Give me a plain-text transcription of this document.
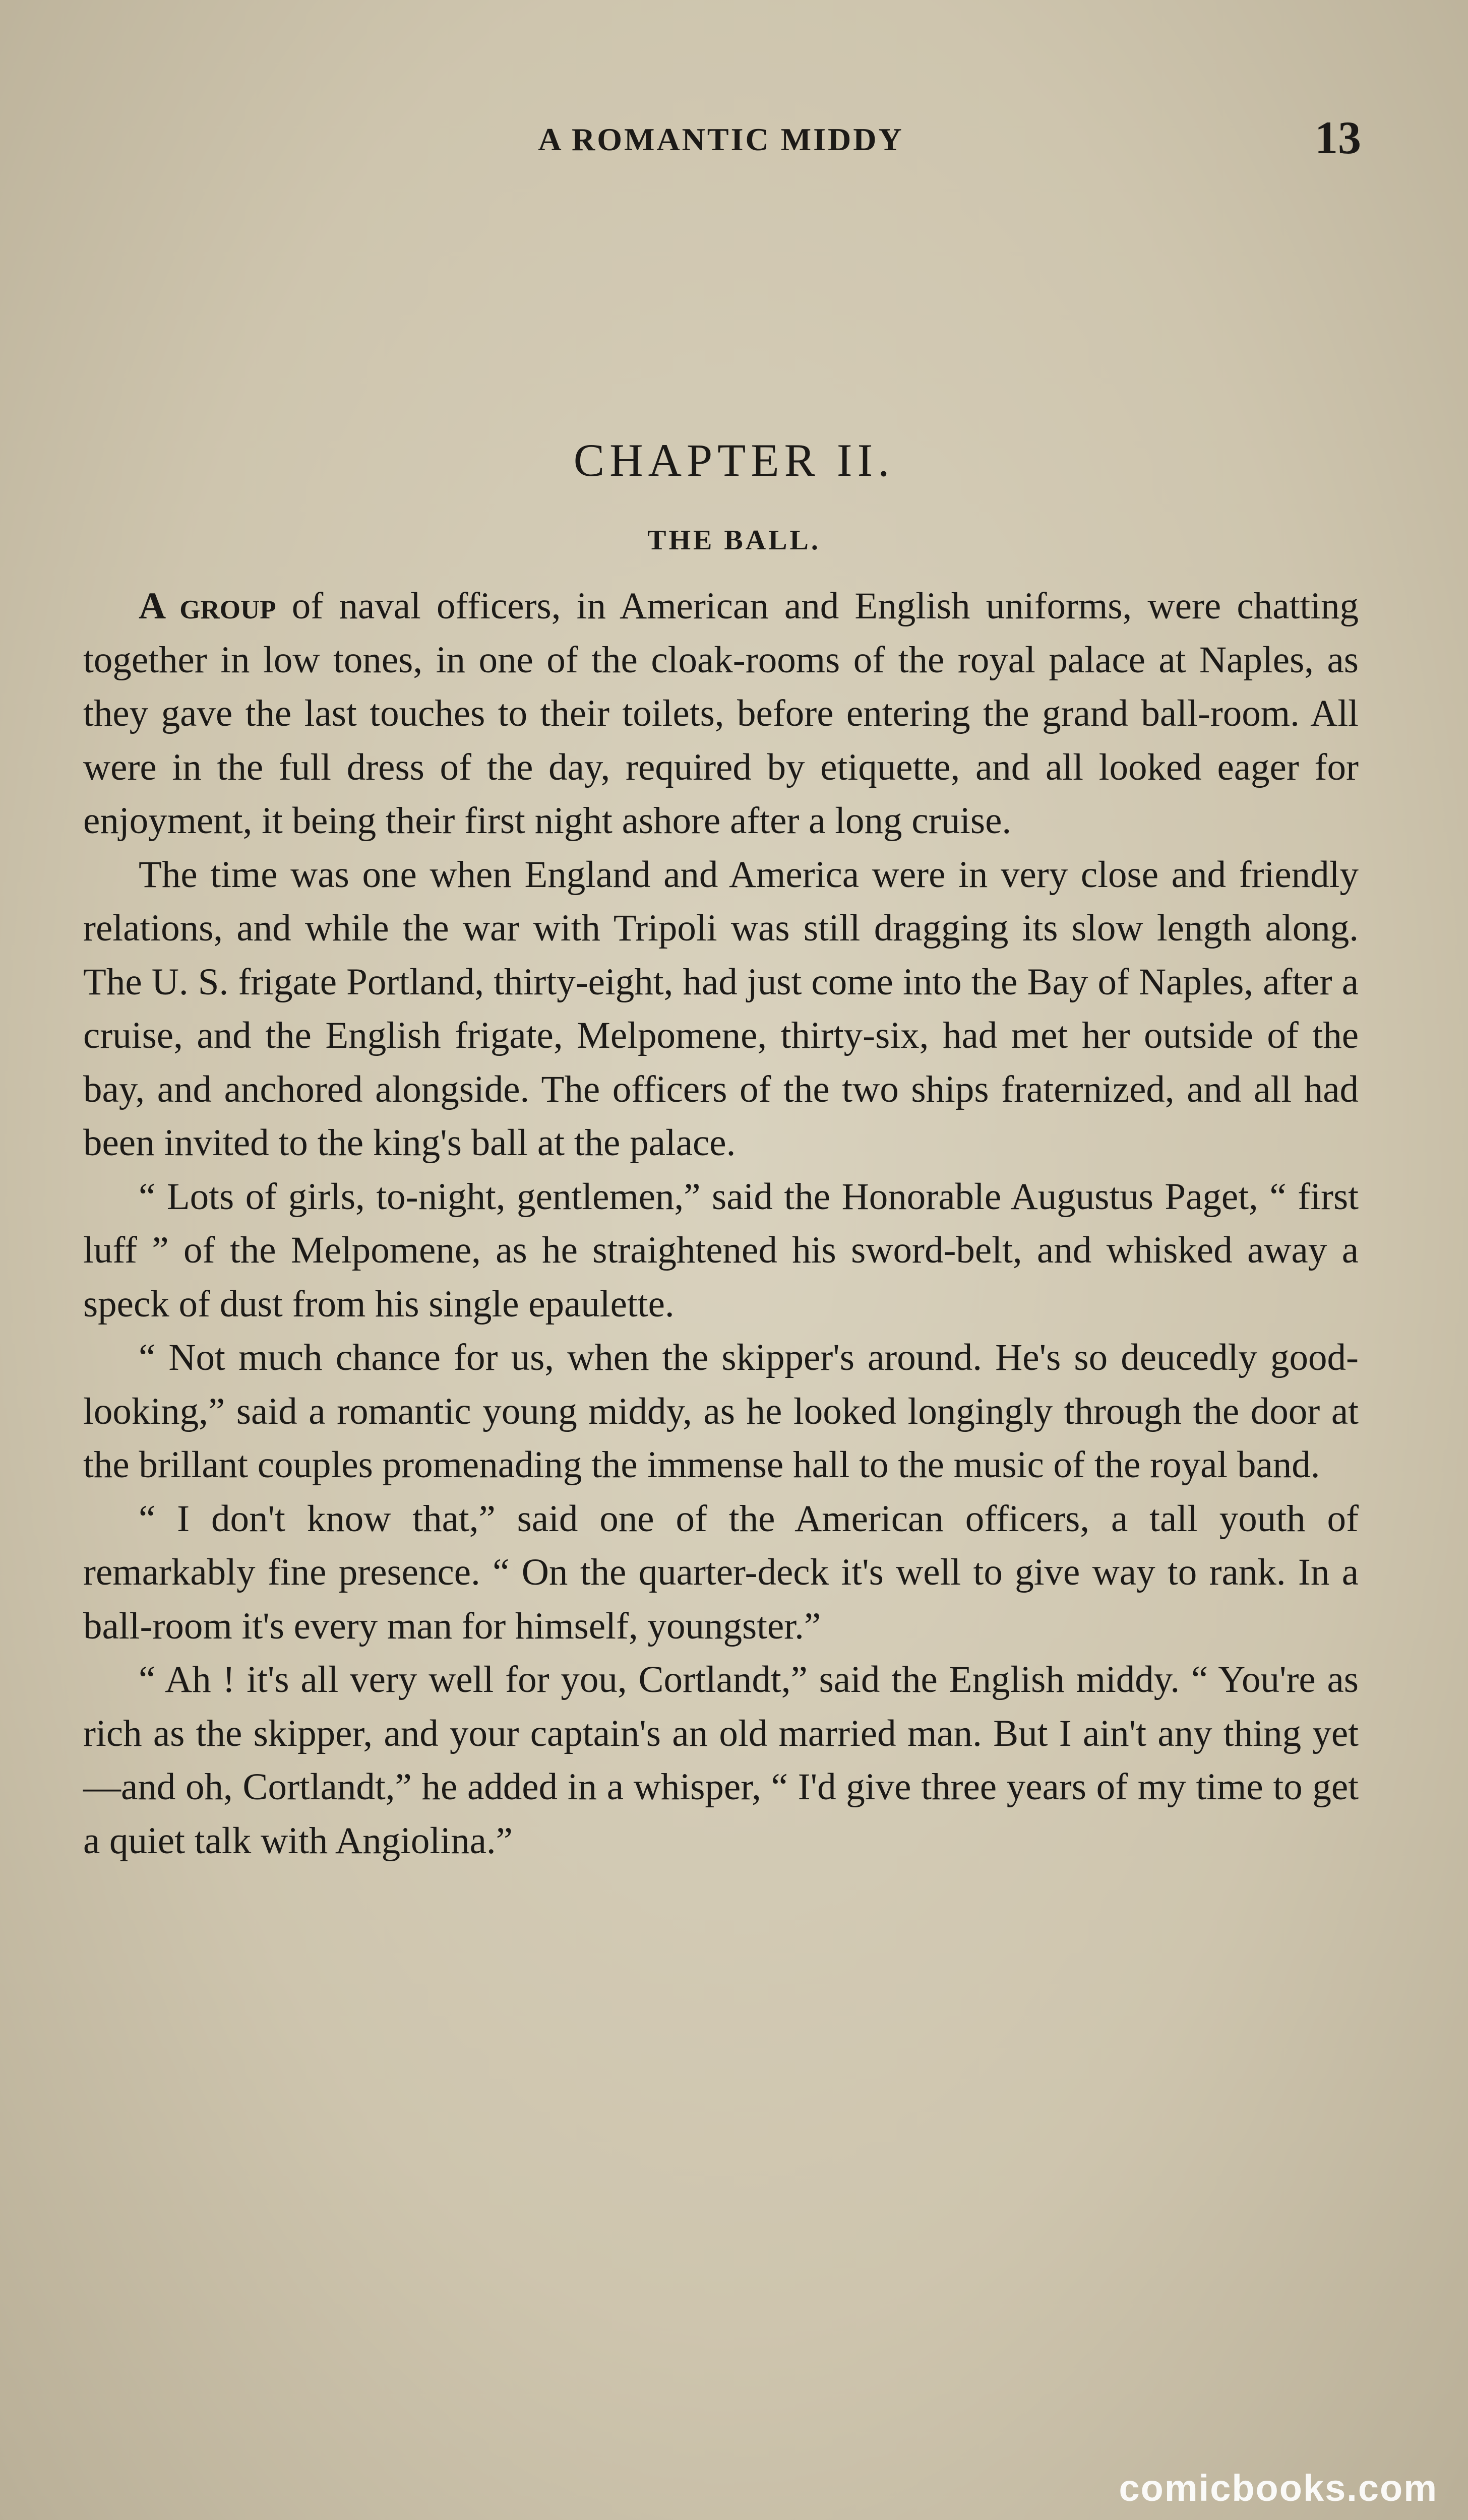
A ROMANTIC MIDDY	13
CHAPTER II.
THE BALL.

A group of naval officers, in American and English uniforms, were chatting together in low tones, in one of the cloak-rooms of the royal palace at Naples, as they gave the last touches to their toilets, before entering the grand ball-room. All were in the full dress of the day, required by etiquette, and all looked eager for enjoyment, it being their first night ashore after a long cruise.

The time was one when England and America were in very close and friendly relations, and while the war with Tripoli was still dragging its slow length along. The U. S. frigate Portland, thirty-eight, had just come into the Bay of Naples, after a cruise, and the English frigate, Melpomene, thirty-six, had met her outside of the bay, and anchored alongside. The officers of the two ships fraternized, and all had been invited to the king's ball at the palace.

“ Lots of girls, to-night, gentlemen,” said the Honorable Augustus Paget, “ first luff ” of the Melpomene, as he straightened his sword-belt, and whisked away a speck of dust from his single epaulette.

“ Not much chance for us, when the skipper's around. He's so deucedly good-looking,” said a romantic young middy, as he looked longingly through the door at the brillant couples promenading the immense hall to the music of the royal band.

“ I don't know that,” said one of the American officers, a tall youth of remarkably fine presence. “ On the quarter-deck it's well to give way to rank. In a ball-room it's every man for himself, youngster.”

“ Ah ! it's all very well for you, Cortlandt,” said the English middy. “ You're as rich as the skipper, and your captain's an old married man. But I ain't any thing yet—and oh, Cortlandt,” he added in a whisper, “ I'd give three years of my time to get a quiet talk with Angiolina.”

comicbooks.com
